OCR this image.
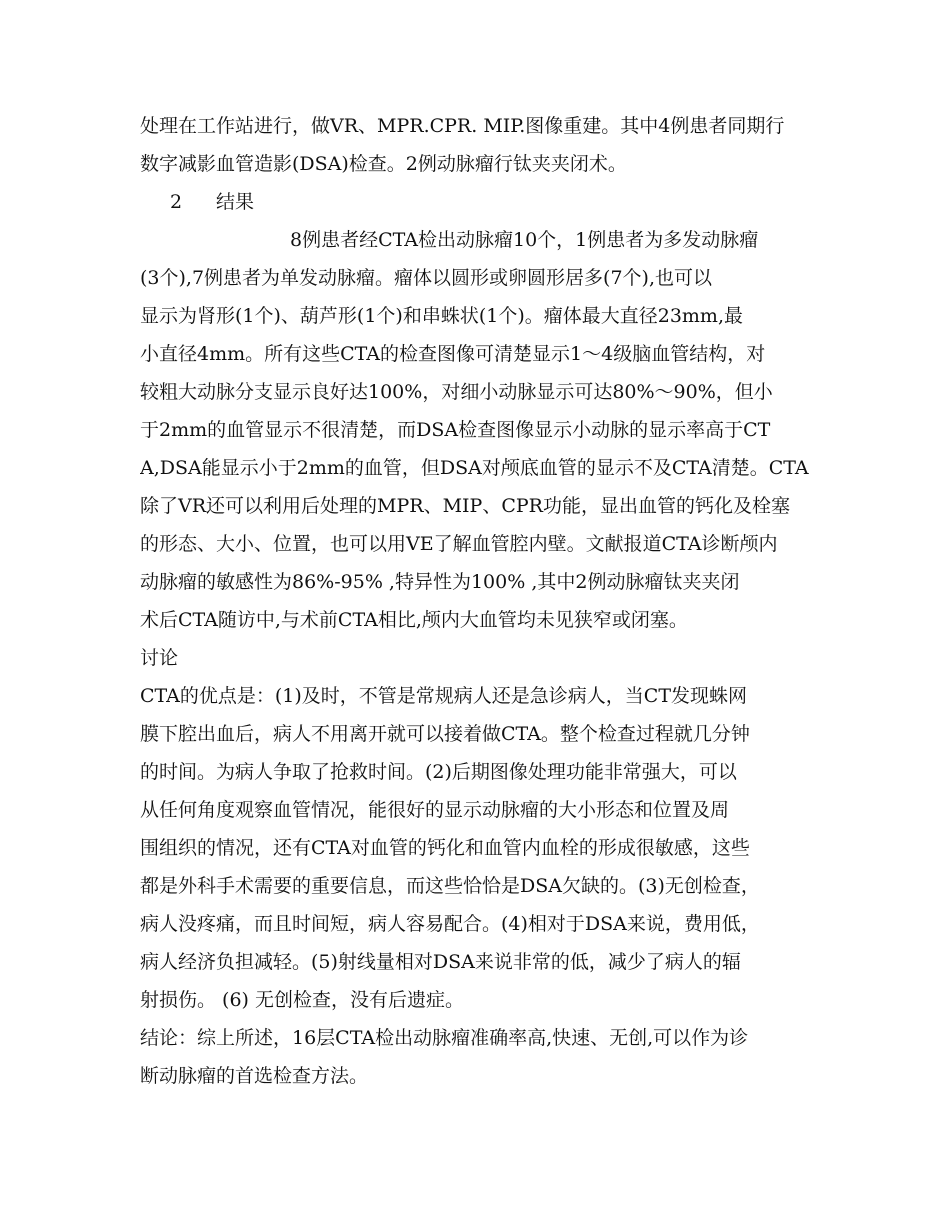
处理在工作站进行，做VR、MPR.CPR. MIP.图像重建。其中4例患者同期行
数字减影血管造影(DSA)检查。2例动脉瘤行钛夹夹闭术。
2	结果
8例患者经CTA检出动脉瘤10个，1例患者为多发动脉瘤
(3个),7例患者为单发动脉瘤。瘤体以圆形或卵圆形居多(7个),也可以
显示为肾形(1个)、葫芦形(1个)和串蛛状(1个)。瘤体最大直径23mm,最
小直径4mm。所有这些CTA的检查图像可清楚显示1～4级脑血管结构，对
较粗大动脉分支显示良好达100%，对细小动脉显示可达80%～90%，但小
于2mm的血管显示不很清楚，而DSA检查图像显示小动脉的显示率高于CT
A,DSA能显示小于2mm的血管，但DSA对颅底血管的显示不及CTA清楚。CTA
除了VR还可以利用后处理的MPR、MIP、CPR功能，显出血管的钙化及栓塞
的形态、大小、位置，也可以用VE了解血管腔内壁。文献报道CTA诊断颅内
动脉瘤的敏感性为86%-95% ,特异性为100% ,其中2例动脉瘤钛夹夹闭
术后CTA随访中,与术前CTA相比,颅内大血管均未见狭窄或闭塞。
讨论
CTA的优点是：(1)及时，不管是常规病人还是急诊病人，当CT发现蛛网
膜下腔出血后，病人不用离开就可以接着做CTA。整个检查过程就几分钟
的时间。为病人争取了抢救时间。(2)后期图像处理功能非常强大，可以
从任何角度观察血管情况，能很好的显示动脉瘤的大小形态和位置及周
围组织的情况，还有CTA对血管的钙化和血管内血栓的形成很敏感，这些
都是外科手术需要的重要信息，而这些恰恰是DSA欠缺的。(3)无创检查，
病人没疼痛，而且时间短，病人容易配合。(4)相对于DSA来说，费用低，
病人经济负担减轻。(5)射线量相对DSA来说非常的低，减少了病人的辐
射损伤。 (6) 无创检查，没有后遗症。
结论：综上所述，16层CTA检出动脉瘤准确率高,快速、无创,可以作为诊
断动脉瘤的首选检查方法。
